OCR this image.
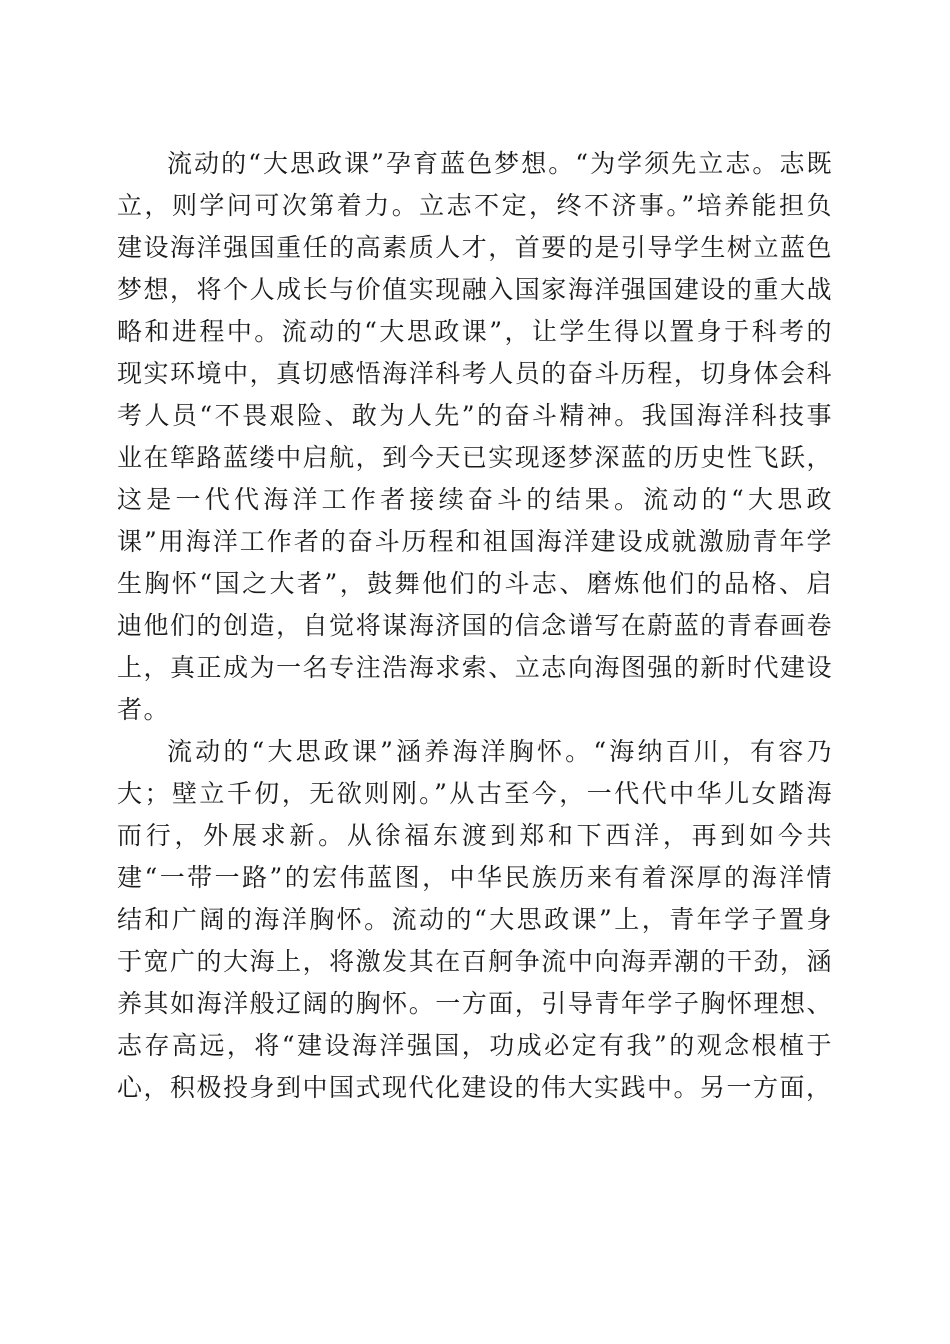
流动的“大思政课”孕育蓝色梦想。“为学须先立志。志既立，则学问可次第着力。立志不定，终不济事。”培养能担负建设海洋强国重任的高素质人才，首要的是引导学生树立蓝色梦想，将个人成长与价值实现融入国家海洋强国建设的重大战略和进程中。流动的“大思政课”，让学生得以置身于科考的现实环境中，真切感悟海洋科考人员的奋斗历程，切身体会科考人员“不畏艰险、敢为人先”的奋斗精神。我国海洋科技事业在筚路蓝缕中启航，到今天已实现逐梦深蓝的历史性飞跃，这是一代代海洋工作者接续奋斗的结果。流动的“大思政课”用海洋工作者的奋斗历程和祖国海洋建设成就激励青年学生胸怀“国之大者”，鼓舞他们的斗志、磨炼他们的品格、启迪他们的创造，自觉将谋海济国的信念谱写在蔚蓝的青春画卷上，真正成为一名专注浩海求索、立志向海图强的新时代建设者。

流动的“大思政课”涵养海洋胸怀。“海纳百川，有容乃大；壁立千仞，无欲则刚。”从古至今，一代代中华儿女踏海而行，外展求新。从徐福东渡到郑和下西洋，再到如今共建“一带一路”的宏伟蓝图，中华民族历来有着深厚的海洋情结和广阔的海洋胸怀。流动的“大思政课”上，青年学子置身于宽广的大海上，将激发其在百舸争流中向海弄潮的干劲，涵养其如海洋般辽阔的胸怀。一方面，引导青年学子胸怀理想、志存高远，将“建设海洋强国，功成必定有我”的观念根植于心，积极投身到中国式现代化建设的伟大实践中。另一方面，
